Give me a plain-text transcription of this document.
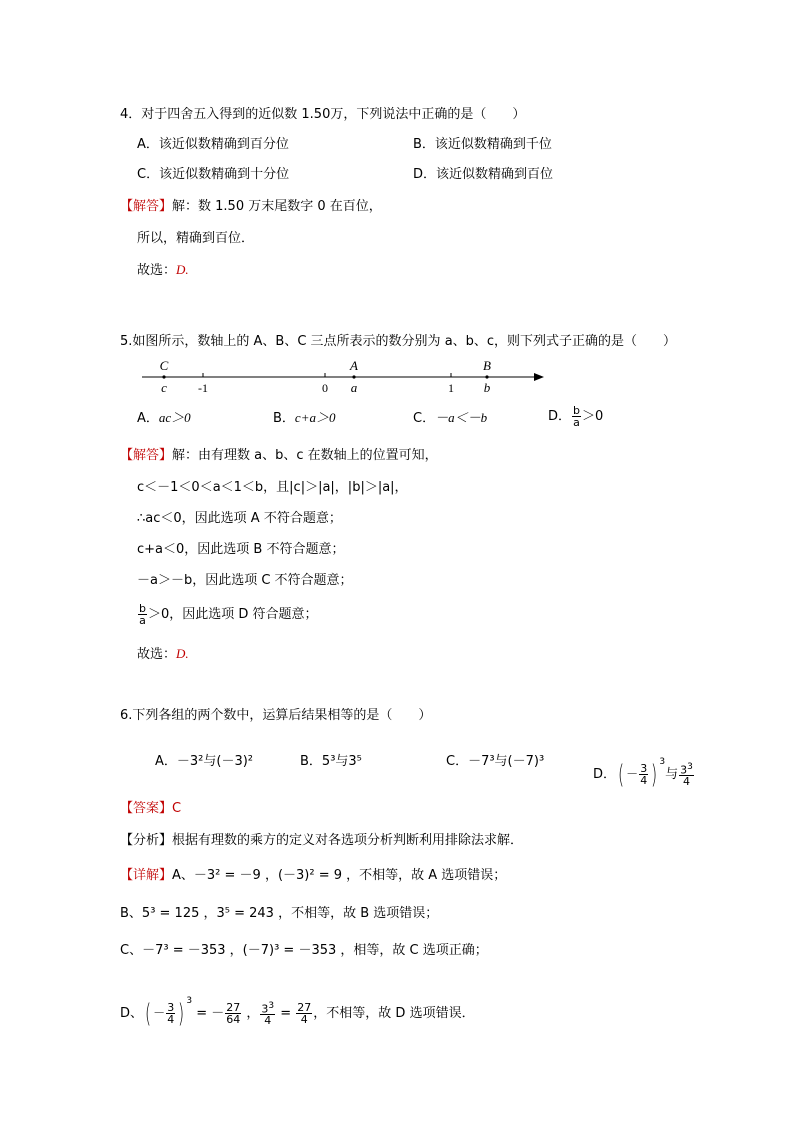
4．对于四舍五入得到的近似数 1.50万，下列说法中正确的是（　　）
A．该近似数精确到百分位	B．该近似数精确到千位
C．该近似数精确到十分位	D．该近似数精确到百位
【解答】解：数 1.50 万末尾数字 0 在百位，
所以，精确到百位．
故选：D.
5.如图所示，数轴上的 A、B、C 三点所表示的数分别为 a、b、c，则下列式子正确的是（　　）
C	A	B
c	-1	0 a	1 b
A．ac＞0	B．c+a＞0	C．－a＜－b	D． $\frac{b}{a} >0$
【解答】解：由有理数 a、b、c 在数轴上的位置可知，
c＜－1＜0＜a＜1＜b，且|c|＞|a|，|b|＞|a|，
∴ac＜0，因此选项 A 不符合题意；
c+a＜0，因此选项 B 不符合题意；
－a＞－b，因此选项 C 不符合题意；
$\frac{b}{a} >0$，因此选项 D 符合题意；
故选：D.
6.下列各组的两个数中，运算后结果相等的是（　　）
A．－3²与(－3)²	B．5³与3⁵	C．－7³与(－7)³
D．( － $\frac{3}{4}$ ) $^3$与 $\frac{3^3}{4}$
【答案】C
【分析】根据有理数的乘方的定义对各选项分析判断利用排除法求解．
【详解】A、－3² = －9 ，(－3)² = 9 ，不相等，故 A 选项错误；
B、5³ = 125 ，3⁵ = 243 ，不相等，故 B 选项错误；
C、－7³ = －353 ，(－7)³ = －353 ，相等，故 C 选项正确；
D、( － $\frac{3}{4}$ ) $^3$ = － $\frac{27}{64}$ ， $\frac{3^3}{4} = \frac{27}{4}$ ，不相等，故 D 选项错误．
